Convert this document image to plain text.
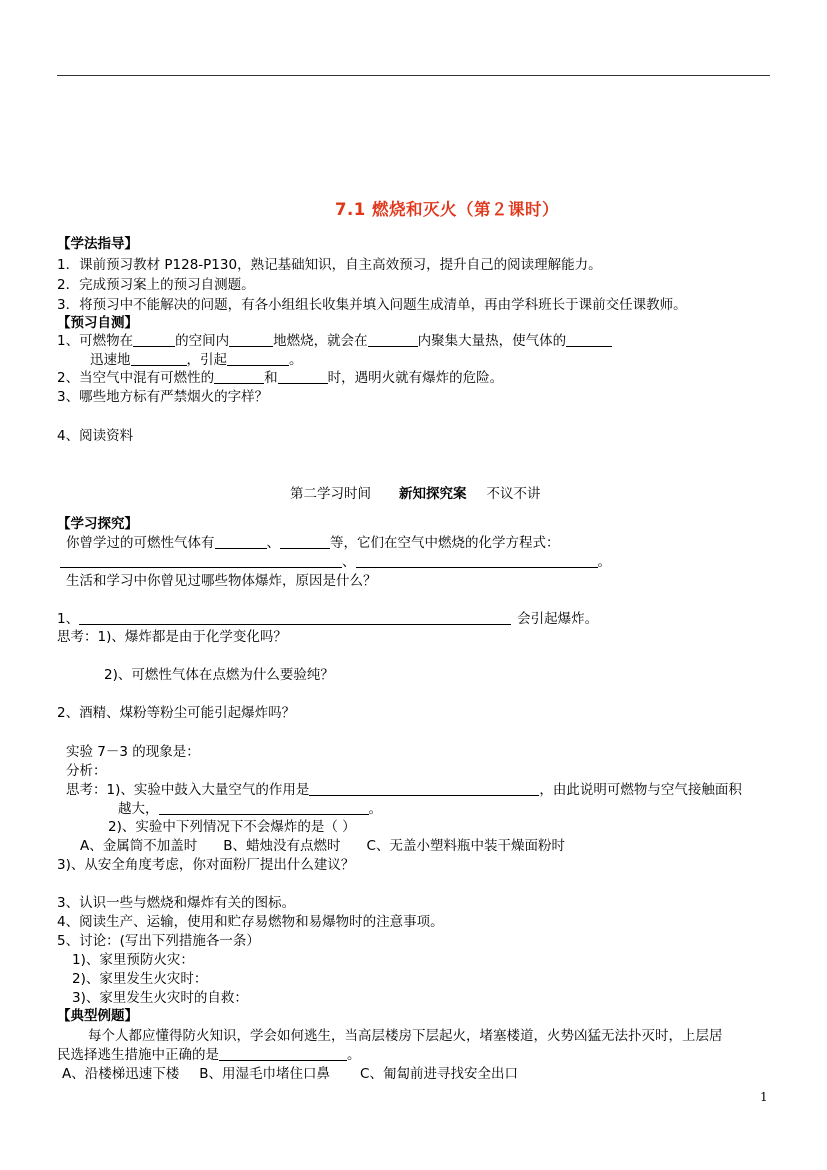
7.1 燃烧和灭火（第２课时）
【学法指导】
1．课前预习教材 P128-P130，熟记基础知识，自主高效预习，提升自己的阅读理解能力。
2．完成预习案上的预习自测题。
3．将预习中不能解决的问题，有各小组组长收集并填入问题生成清单，再由学科班长于课前交任课教师。
【预习自测】
1、可燃物在	的空间内	地燃烧，就会在	内聚集大量热，使气体的
迅速地	，引起	。
2、当空气中混有可燃性的	和	时，遇明火就有爆炸的危险。
3、哪些地方标有严禁烟火的字样？
4、阅读资料
第二学习时间 新知探究案 不议不讲
【学习探究】
你曾学过的可燃性气体有	、	等，它们在空气中燃烧的化学方程式：
、	。
生活和学习中你曾见过哪些物体爆炸，原因是什么？
1、	会引起爆炸。
思考：1)、爆炸都是由于化学变化吗？
2)、可燃性气体在点燃为什么要验纯？
2、酒精、煤粉等粉尘可能引起爆炸吗？
实验 7－3 的现象是：
分析：
思考：1)、实验中鼓入大量空气的作用是	，由此说明可燃物与空气接触面积
越大，	。
2)、实验中下列情况下不会爆炸的是（ ）
A、金属筒不加盖时 B、蜡烛没有点燃时 C、无盖小塑料瓶中装干燥面粉时
3)、从安全角度考虑，你对面粉厂提出什么建议？
3、认识一些与燃烧和爆炸有关的图标。
4、阅读生产、运输，使用和贮存易燃物和易爆物时的注意事项。
5、讨论：(写出下列措施各一条）
1)、家里预防火灾：
2)、家里发生火灾时：
3)、家里发生火灾时的自救：
【典型例题】
每个人都应懂得防火知识，学会如何逃生，当高层楼房下层起火，堵塞楼道，火势凶猛无法扑灭时，上层居
民选择逃生措施中正确的是	。
A、沿楼梯迅速下楼 B、用湿毛巾堵住口鼻 C、匍匐前进寻找安全出口
1
